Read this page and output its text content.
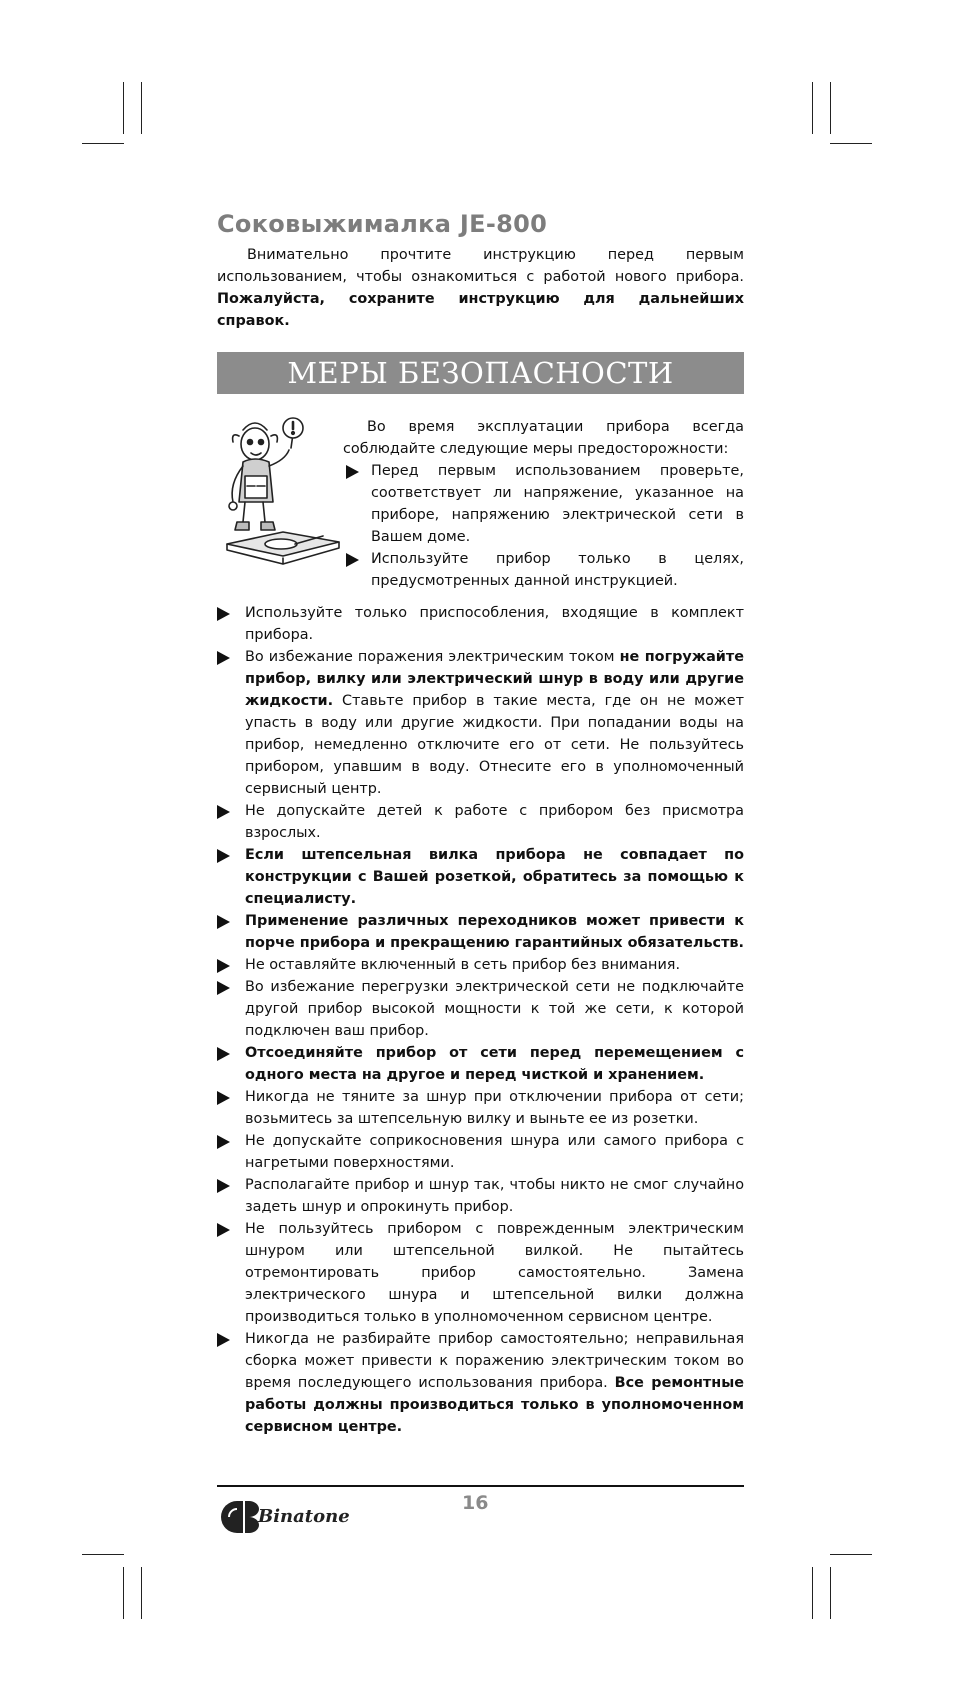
Соковыжималка JE-800

Внимательно прочтите инструкцию перед первым использованием, чтобы ознакомиться с работой нового прибора. Пожалуйста, сохраните инструкцию для дальнейших справок.

МЕРЫ БЕЗОПАСНОСТИ

Во время эксплуатации прибора всегда соблюдайте следующие меры предосторожности:

Перед первым использованием проверьте, соответствует ли напряжение, указанное на приборе, напряжению электрической сети в Вашем доме.
Используйте прибор только в целях, предусмотренных данной инструкцией.
Используйте только приспособления, входящие в комплект прибора.
Во избежание поражения электрическим током не погружайте прибор, вилку или электрический шнур в воду или другие жидкости. Ставьте прибор в такие места, где он не может упасть в воду или другие жидкости. При попадании воды на прибор, немедленно отключите его от сети. Не пользуйтесь прибором, упавшим в воду. Отнесите его в уполномоченный сервисный центр.
Не допускайте детей к работе с прибором без присмотра взрослых.
Если штепсельная вилка прибора не совпадает по конструкции с Вашей розеткой, обратитесь за помощью к специалисту.
Применение различных переходников может привести к порче прибора и прекращению гарантийных обязательств.
Не оставляйте включенный в сеть прибор без внимания.
Во избежание перегрузки электрической сети не подключайте другой прибор высокой мощности к той же сети, к которой подключен ваш прибор.
Отсоединяйте прибор от сети перед перемещением с одного места на другое и перед чисткой и хранением.
Никогда не тяните за шнур при отключении прибора от сети; возьмитесь за штепсельную вилку и выньте ее из розетки.
Не допускайте соприкосновения шнура или самого прибора с нагретыми поверхностями.
Располагайте прибор и шнур так, чтобы никто не смог случайно задеть шнур и опрокинуть прибор.
Не пользуйтесь прибором с поврежденным электрическим шнуром или штепсельной вилкой. Не пытайтесь отремонтировать прибор самостоятельно. Замена электрического шнура и штепсельной вилки должна производиться только в уполномоченном сервисном центре.
Никогда не разбирайте прибор самостоятельно; неправильная сборка может привести к поражению электрическим током во время последующего использования прибора. Все ремонтные работы должны производиться только в уполномоченном сервисном центре.
Binatone
16
